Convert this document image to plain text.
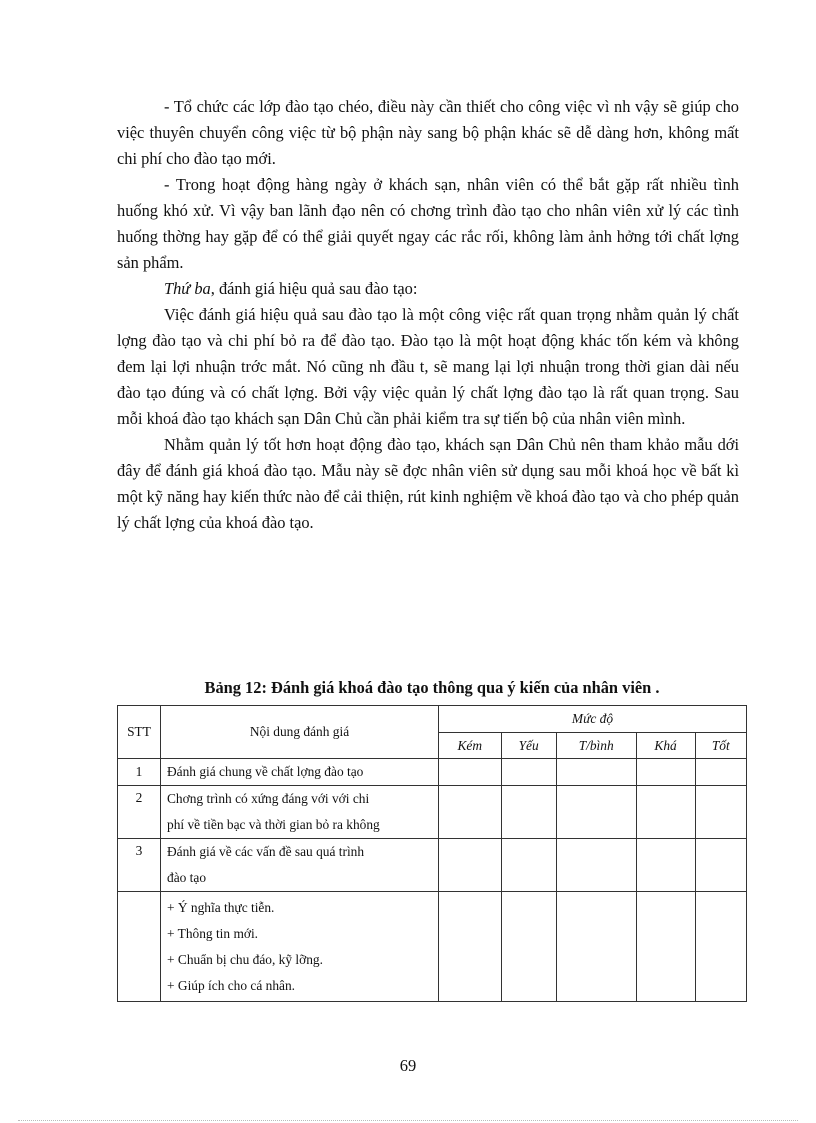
- Tổ chức các lớp đào tạo chéo, điều này cần thiết cho công việc vì nh vậy sẽ giúp cho việc thuyên chuyển công việc từ bộ phận này sang bộ phận khác sẽ dễ dàng hơn, không mất chi phí cho đào tạo mới.

- Trong hoạt động hàng ngày ở khách sạn, nhân viên có thể bắt gặp rất nhiều tình huống khó xử. Vì vậy ban lãnh đạo nên có chơng trình đào tạo cho nhân viên xử lý các tình huống thờng hay gặp để có thể giải quyết ngay các rắc rối, không làm ảnh hởng tới chất lợng sản phẩm.

Thứ ba, đánh giá hiệu quả sau đào tạo:

Việc đánh giá hiệu quả sau đào tạo là một công việc rất quan trọng nhằm quản lý chất lợng đào tạo và chi phí bỏ ra để đào tạo. Đào tạo là một hoạt động khác tốn kém và không đem lại lợi nhuận trớc mắt. Nó cũng nh đầu t, sẽ mang lại lợi nhuận trong thời gian dài nếu đào tạo đúng và có chất lợng. Bởi vậy việc quản lý chất lợng đào tạo là rất quan trọng. Sau mỗi khoá đào tạo khách sạn Dân Chủ cần phải kiểm tra sự tiến bộ của nhân viên mình.

Nhằm quản lý tốt hơn hoạt động đào tạo, khách sạn Dân Chủ nên tham khảo mẫu dới đây để đánh giá khoá đào tạo. Mẫu này sẽ đợc nhân viên sử dụng sau mỗi khoá học về bất kì một kỹ năng hay kiến thức nào để cải thiện, rút kinh nghiệm về khoá đào tạo và cho phép quản lý chất lợng của khoá đào tạo.

Bảng 12: Đánh giá khoá đào tạo thông qua ý kiến của nhân viên .
STT	Nội dung đánh giá	Mức độ				
		Kém	Yếu	T/bình	Khá	Tốt
1	Đánh giá chung về chất lợng đào tạo					
2	Chơng trình có xứng đáng với với chi
phí về tiền bạc và thời gian bỏ ra không					

3	Đánh giá về các vấn đề sau quá trình
đào tạo					

	+ Ý nghĩa thực tiễn.
+ Thông tin mới.
+ Chuẩn bị chu đáo, kỹ lỡng.
+ Giúp ích cho cá nhân.					

69
